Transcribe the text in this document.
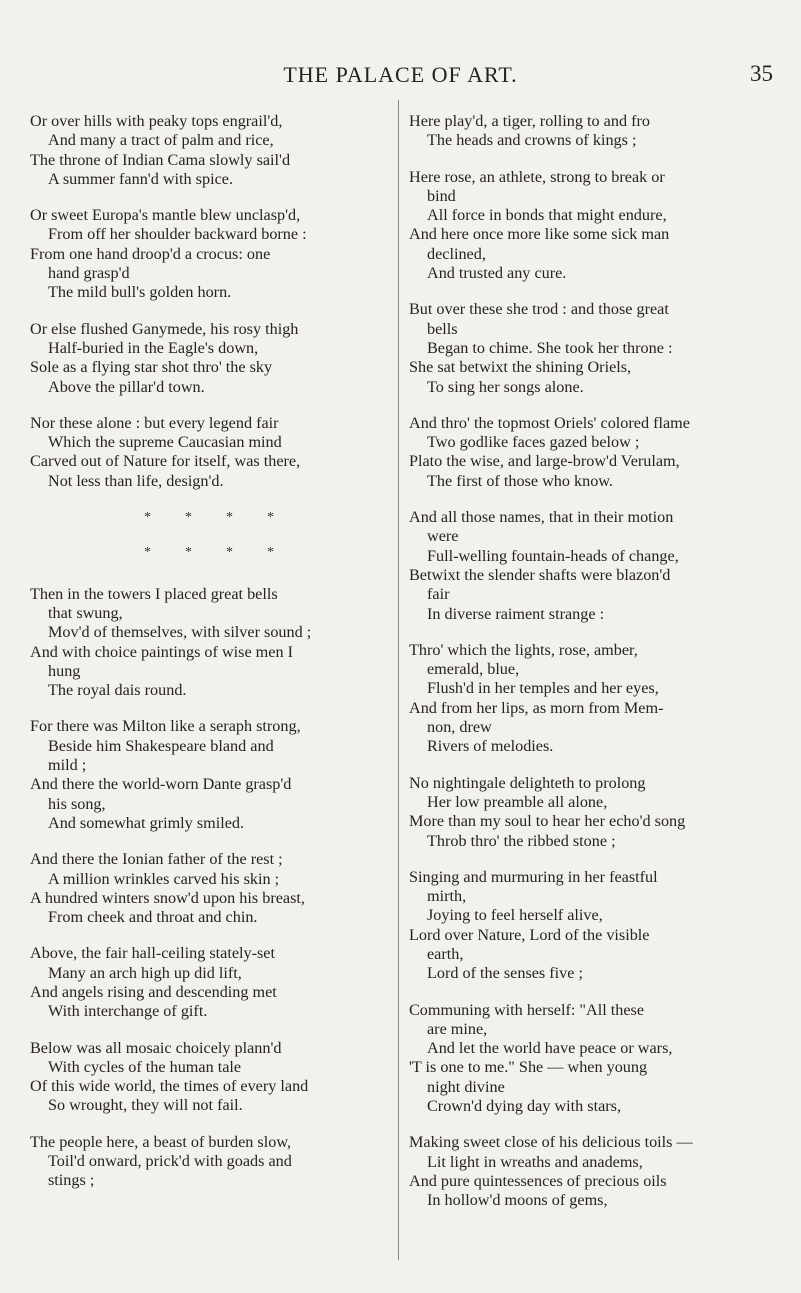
THE PALACE OF ART.	35
Or over hills with peaky tops engrail'd,
And many a tract of palm and rice,
The throne of Indian Cama slowly sail'd
A summer fann'd with spice.
Or sweet Europa's mantle blew unclasp'd,
From off her shoulder backward borne :
From one hand droop'd a crocus: one
hand grasp'd
The mild bull's golden horn.
Or else flushed Ganymede, his rosy thigh
Half-buried in the Eagle's down,
Sole as a flying star shot thro' the sky
Above the pillar'd town.
Nor these alone : but every legend fair
Which the supreme Caucasian mind
Carved out of Nature for itself, was there,
Not less than life, design'd.
****
****
Then in the towers I placed great bells
that swung,
Mov'd of themselves, with silver sound ;
And with choice paintings of wise men I
hung
The royal dais round.
For there was Milton like a seraph strong,
Beside him Shakespeare bland and
mild ;
And there the world-worn Dante grasp'd
his song,
And somewhat grimly smiled.
And there the Ionian father of the rest ;
A million wrinkles carved his skin ;
A hundred winters snow'd upon his breast,
From cheek and throat and chin.
Above, the fair hall-ceiling stately-set
Many an arch high up did lift,
And angels rising and descending met
With interchange of gift.
Below was all mosaic choicely plann'd
With cycles of the human tale
Of this wide world, the times of every land
So wrought, they will not fail.
The people here, a beast of burden slow,
Toil'd onward, prick'd with goads and
stings ;
Here play'd, a tiger, rolling to and fro
The heads and crowns of kings ;
Here rose, an athlete, strong to break or
bind
All force in bonds that might endure,
And here once more like some sick man
declined,
And trusted any cure.
But over these she trod : and those great
bells
Began to chime. She took her throne :
She sat betwixt the shining Oriels,
To sing her songs alone.
And thro' the topmost Oriels' colored flame
Two godlike faces gazed below ;
Plato the wise, and large-brow'd Verulam,
The first of those who know.
And all those names, that in their motion
were
Full-welling fountain-heads of change,
Betwixt the slender shafts were blazon'd
fair
In diverse raiment strange :
Thro' which the lights, rose, amber,
emerald, blue,
Flush'd in her temples and her eyes,
And from her lips, as morn from Mem-
non, drew
Rivers of melodies.
No nightingale delighteth to prolong
Her low preamble all alone,
More than my soul to hear her echo'd song
Throb thro' the ribbed stone ;
Singing and murmuring in her feastful
mirth,
Joying to feel herself alive,
Lord over Nature, Lord of the visible
earth,
Lord of the senses five ;
Communing with herself: "All these
are mine,
And let the world have peace or wars,
'T is one to me." She — when young
night divine
Crown'd dying day with stars,
Making sweet close of his delicious toils —
Lit light in wreaths and anadems,
And pure quintessences of precious oils
In hollow'd moons of gems,
